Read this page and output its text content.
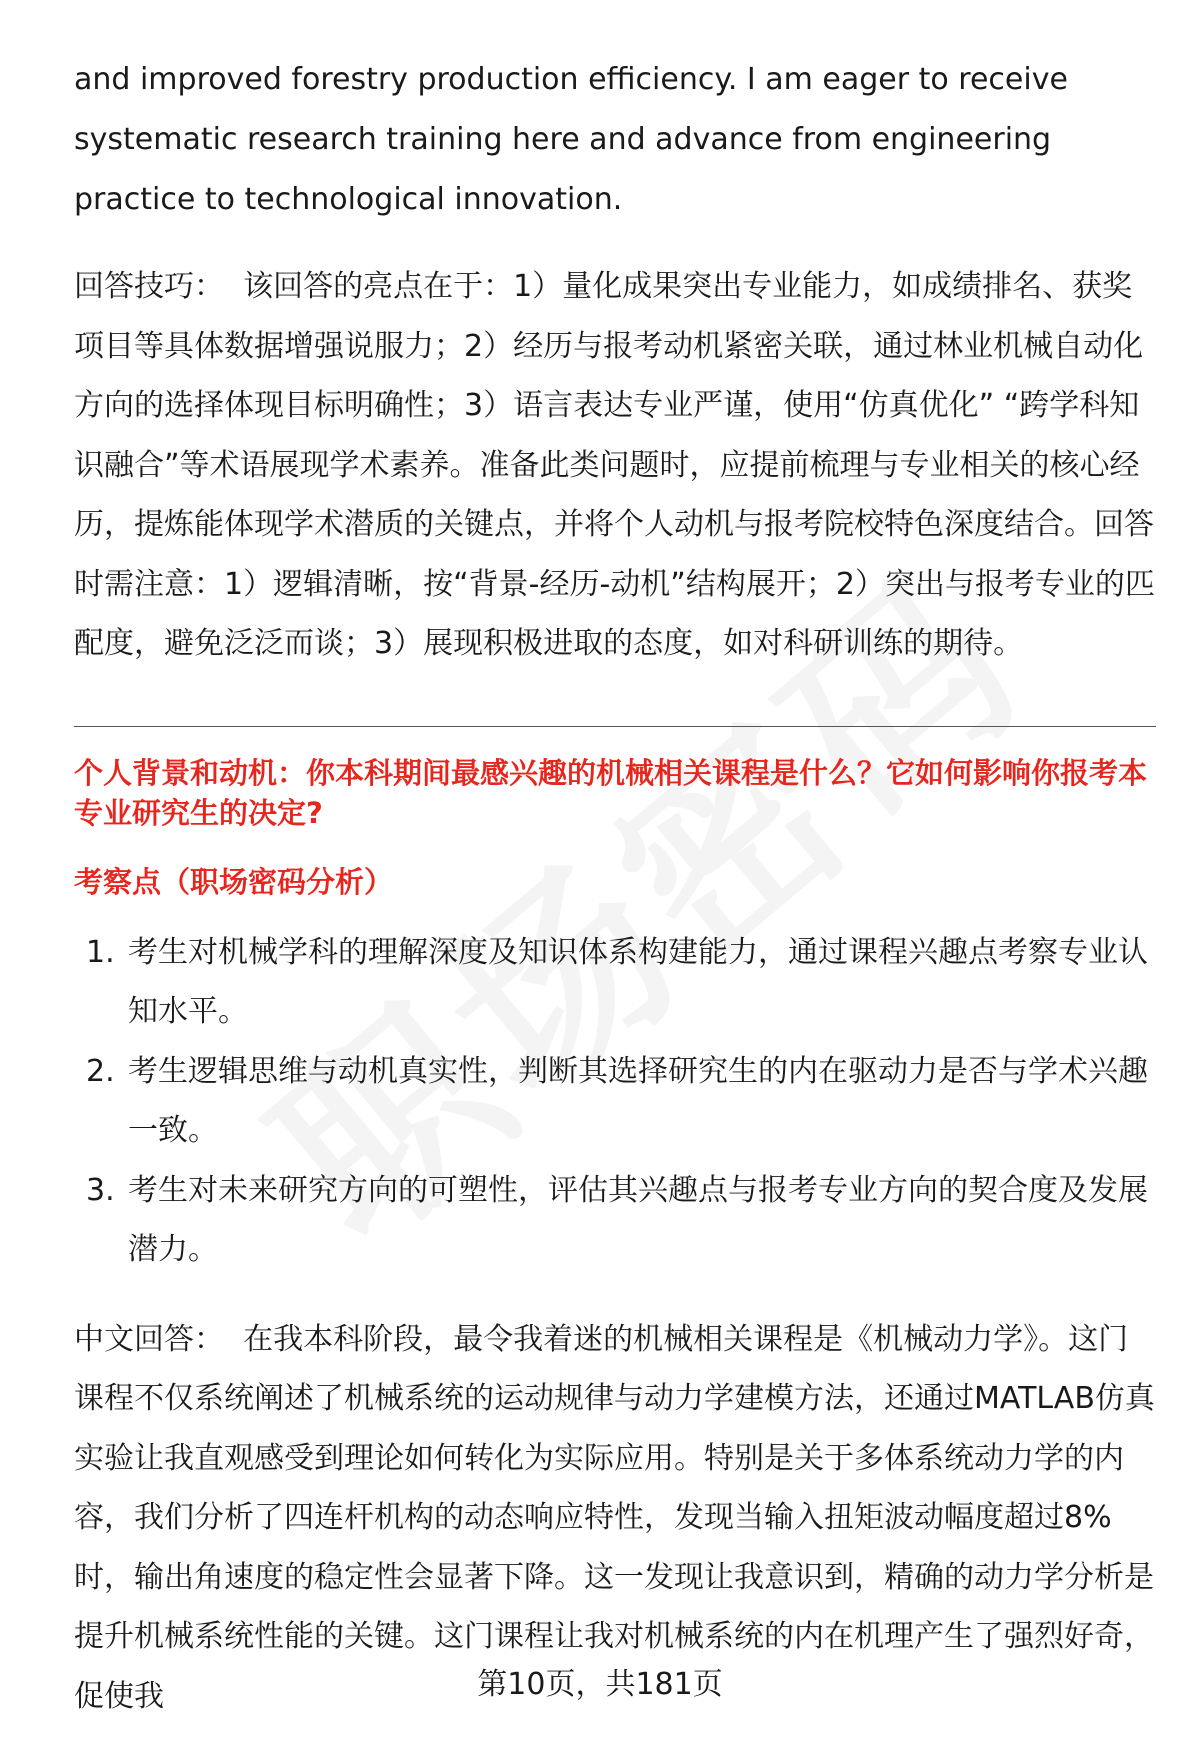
and improved forestry production efficiency. I am eager to receive systematic research training here and advance from engineering practice to technological innovation.

回答技巧： 该回答的亮点在于：1）量化成果突出专业能力，如成绩排名、获奖项目等具体数据增强说服力；2）经历与报考动机紧密关联，通过林业机械自动化方向的选择体现目标明确性；3）语言表达专业严谨，使用“仿真优化” “跨学科知识融合”等术语展现学术素养。准备此类问题时，应提前梳理与专业相关的核心经历，提炼能体现学术潜质的关键点，并将个人动机与报考院校特色深度结合。回答时需注意：1）逻辑清晰，按“背景-经历-动机”结构展开；2）突出与报考专业的匹配度，避免泛泛而谈；3）展现积极进取的态度，如对科研训练的期待。

个人背景和动机：你本科期间最感兴趣的机械相关课程是什么？它如何影响你报考本专业研究生的决定?

考察点（职场密码分析）

1. 考生对机械学科的理解深度及知识体系构建能力，通过课程兴趣点考察专业认知水平。
2. 考生逻辑思维与动机真实性，判断其选择研究生的内在驱动力是否与学术兴趣一致。
3. 考生对未来研究方向的可塑性，评估其兴趣点与报考专业方向的契合度及发展潜力。

中文回答： 在我本科阶段，最令我着迷的机械相关课程是《机械动力学》。这门课程不仅系统阐述了机械系统的运动规律与动力学建模方法，还通过MATLAB仿真实验让我直观感受到理论如何转化为实际应用。特别是关于多体系统动力学的内容，我们分析了四连杆机构的动态响应特性，发现当输入扭矩波动幅度超过8%时，输出角速度的稳定性会显著下降。这一发现让我意识到，精确的动力学分析是提升机械系统性能的关键。这门课程让我对机械系统的内在机理产生了强烈好奇，促使我	第10页，共181页
